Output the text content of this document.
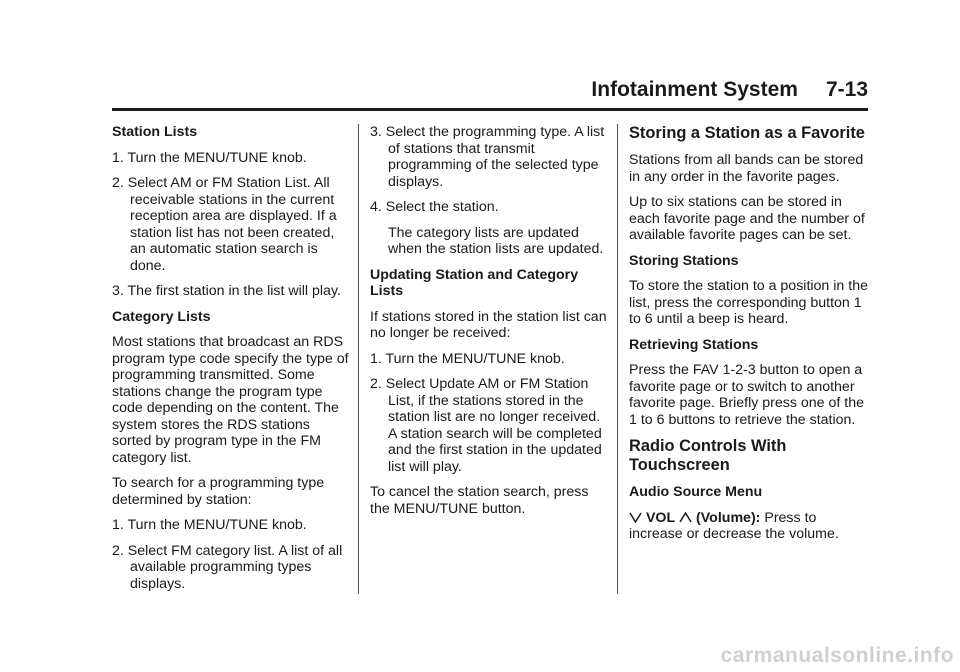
Infotainment System 7-13

Station Lists

1. Turn the MENU/TUNE knob.

2. Select AM or FM Station List. All receivable stations in the current reception area are displayed. If a station list has not been created, an automatic station search is done.

3. The first station in the list will play.

Category Lists

Most stations that broadcast an RDS program type code specify the type of programming transmitted. Some stations change the program type code depending on the content. The system stores the RDS stations sorted by program type in the FM category list.

To search for a programming type determined by station:

1. Turn the MENU/TUNE knob.

2. Select FM category list. A list of all available programming types displays.

3. Select the programming type. A list of stations that transmit programming of the selected type displays.

4. Select the station.

The category lists are updated when the station lists are updated.

Updating Station and Category Lists

If stations stored in the station list can no longer be received:

1. Turn the MENU/TUNE knob.

2. Select Update AM or FM Station List, if the stations stored in the station list are no longer received. A station search will be completed and the first station in the updated list will play.

To cancel the station search, press the MENU/TUNE button.

Storing a Station as a Favorite

Stations from all bands can be stored in any order in the favorite pages.

Up to six stations can be stored in each favorite page and the number of available favorite pages can be set.

Storing Stations

To store the station to a position in the list, press the corresponding button 1 to 6 until a beep is heard.

Retrieving Stations

Press the FAV 1-2-3 button to open a favorite page or to switch to another favorite page. Briefly press one of the 1 to 6 buttons to retrieve the station.

Radio Controls With Touchscreen

Audio Source Menu

VOL (Volume): Press to increase or decrease the volume.

carmanualsonline.info
